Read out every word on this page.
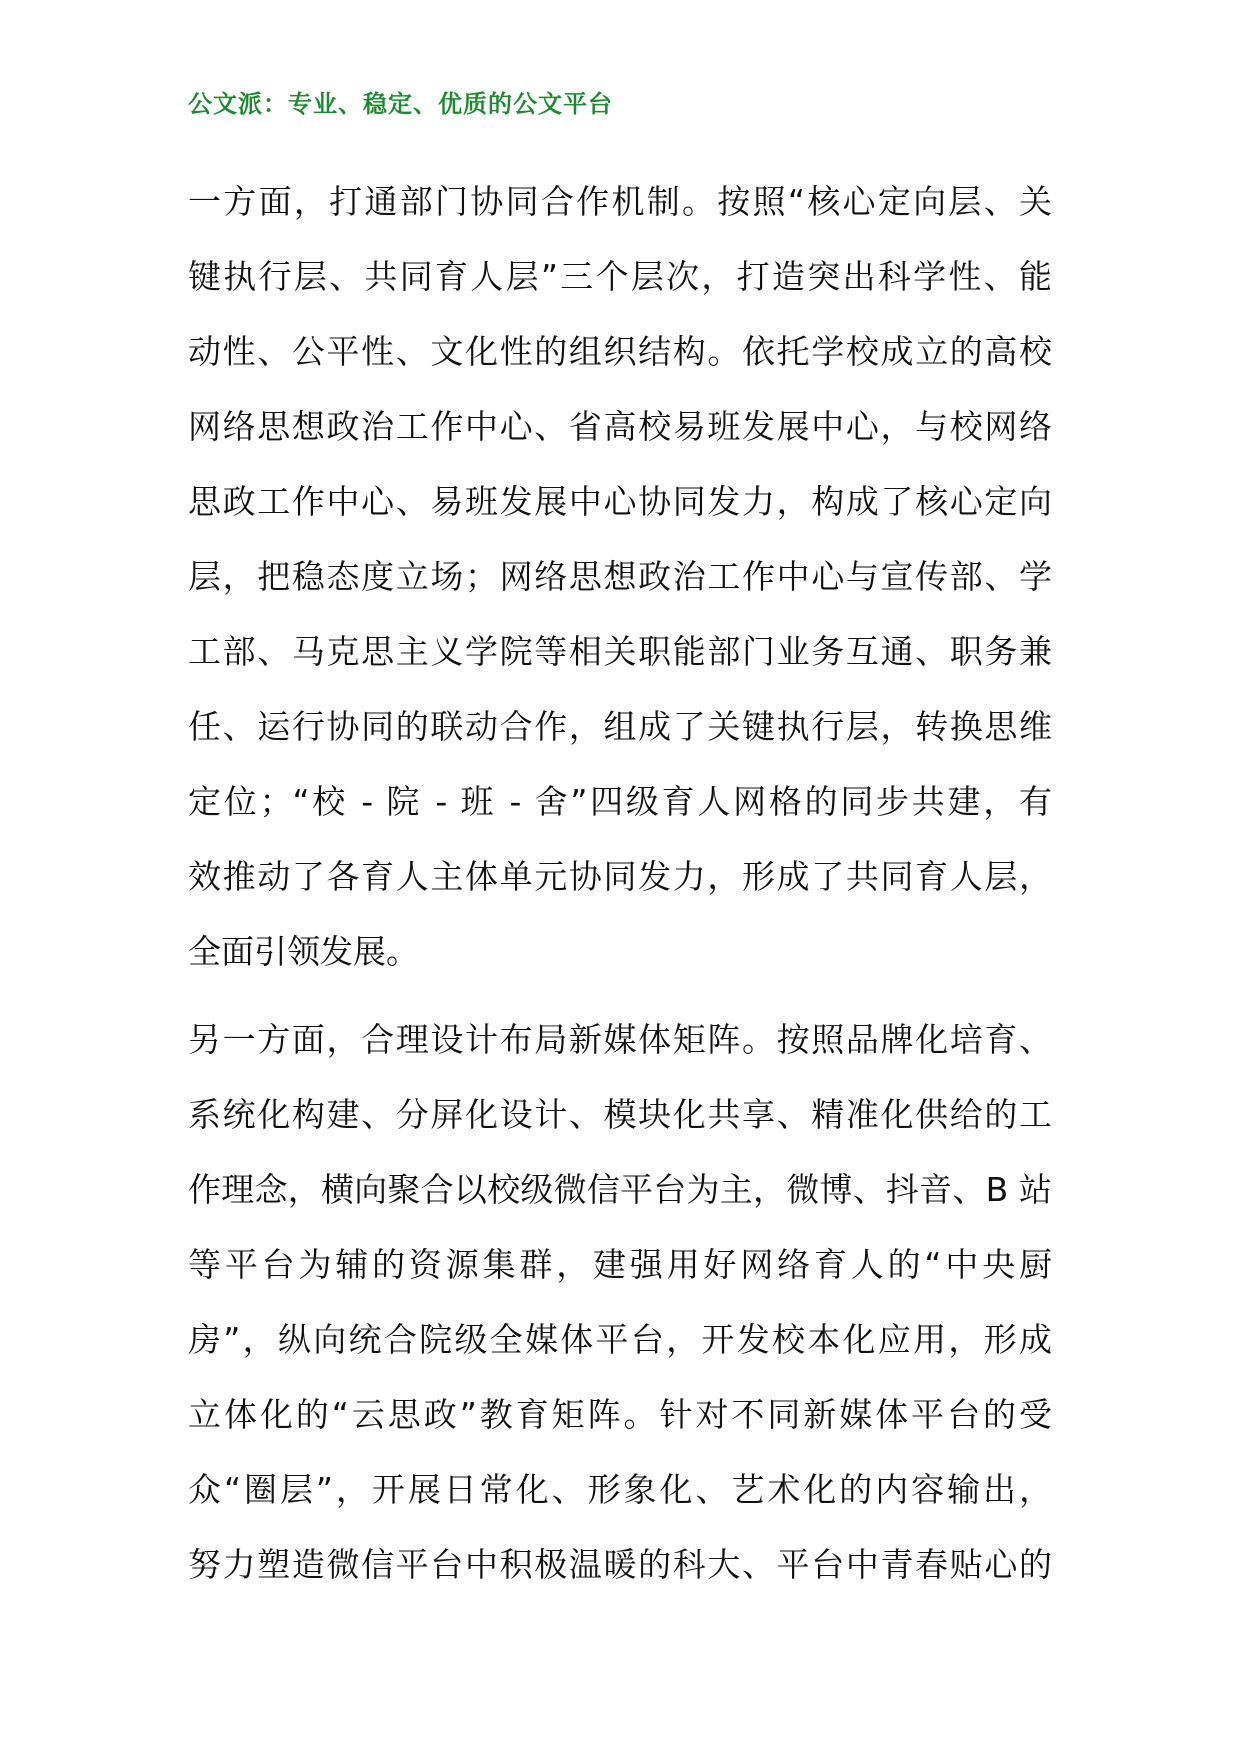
公文派：专业、稳定、优质的公文平台
一方面，打通部门协同合作机制。按照“核心定向层、关
键执行层、共同育人层”三个层次，打造突出科学性、能
动性、公平性、文化性的组织结构。依托学校成立的高校
网络思想政治工作中心、省高校易班发展中心，与校网络
思政工作中心、易班发展中心协同发力，构成了核心定向
层，把稳态度立场；网络思想政治工作中心与宣传部、学
工部、马克思主义学院等相关职能部门业务互通、职务兼
任、运行协同的联动合作，组成了关键执行层，转换思维
定位；“校 - 院 - 班 - 舍”四级育人网格的同步共建，有
效推动了各育人主体单元协同发力，形成了共同育人层，
全面引领发展。
另一方面，合理设计布局新媒体矩阵。按照品牌化培育、
系统化构建、分屏化设计、模块化共享、精准化供给的工
作理念，横向聚合以校级微信平台为主，微博、抖音、B 站
等平台为辅的资源集群，建强用好网络育人的“中央厨
房”，纵向统合院级全媒体平台，开发校本化应用，形成
立体化的“云思政”教育矩阵。针对不同新媒体平台的受
众“圈层”，开展日常化、形象化、艺术化的内容输出，
努力塑造微信平台中积极温暖的科大、平台中青春贴心的
